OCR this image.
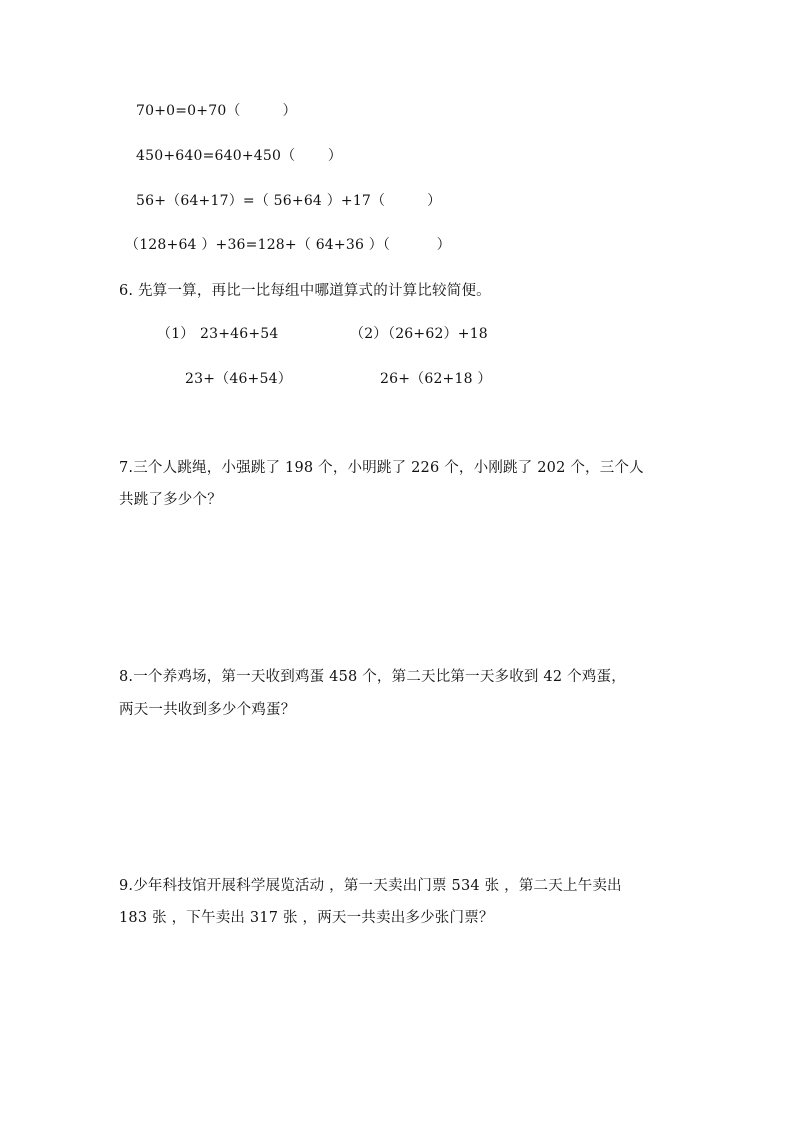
70+0=0+70（         ）
450+640=640+450（       ）
56+（64+17）=（ 56+64 ）+17（         ）
（128+64 ）+36=128+（ 64+36 ）（          ）
6. 先算一算，再比一比每组中哪道算式的计算比较简便。
（1） 23+46+54	（2）
（26+62）+18
23+（46+54）	26+（62+18 ）
7.三个人跳绳，小强跳了 198 个，小明跳了 226 个，小刚跳了 202 个，三个人
共跳了多少个？
8.一个养鸡场，第一天收到鸡蛋 458 个，第二天比第一天多收到 42 个鸡蛋，
两天一共收到多少个鸡蛋？
9.少年科技馆开展科学展览活动 ，第一天卖出门票 534 张 ，第二天上午卖出
183 张 ，下午卖出 317 张 ，两天一共卖出多少张门票？
